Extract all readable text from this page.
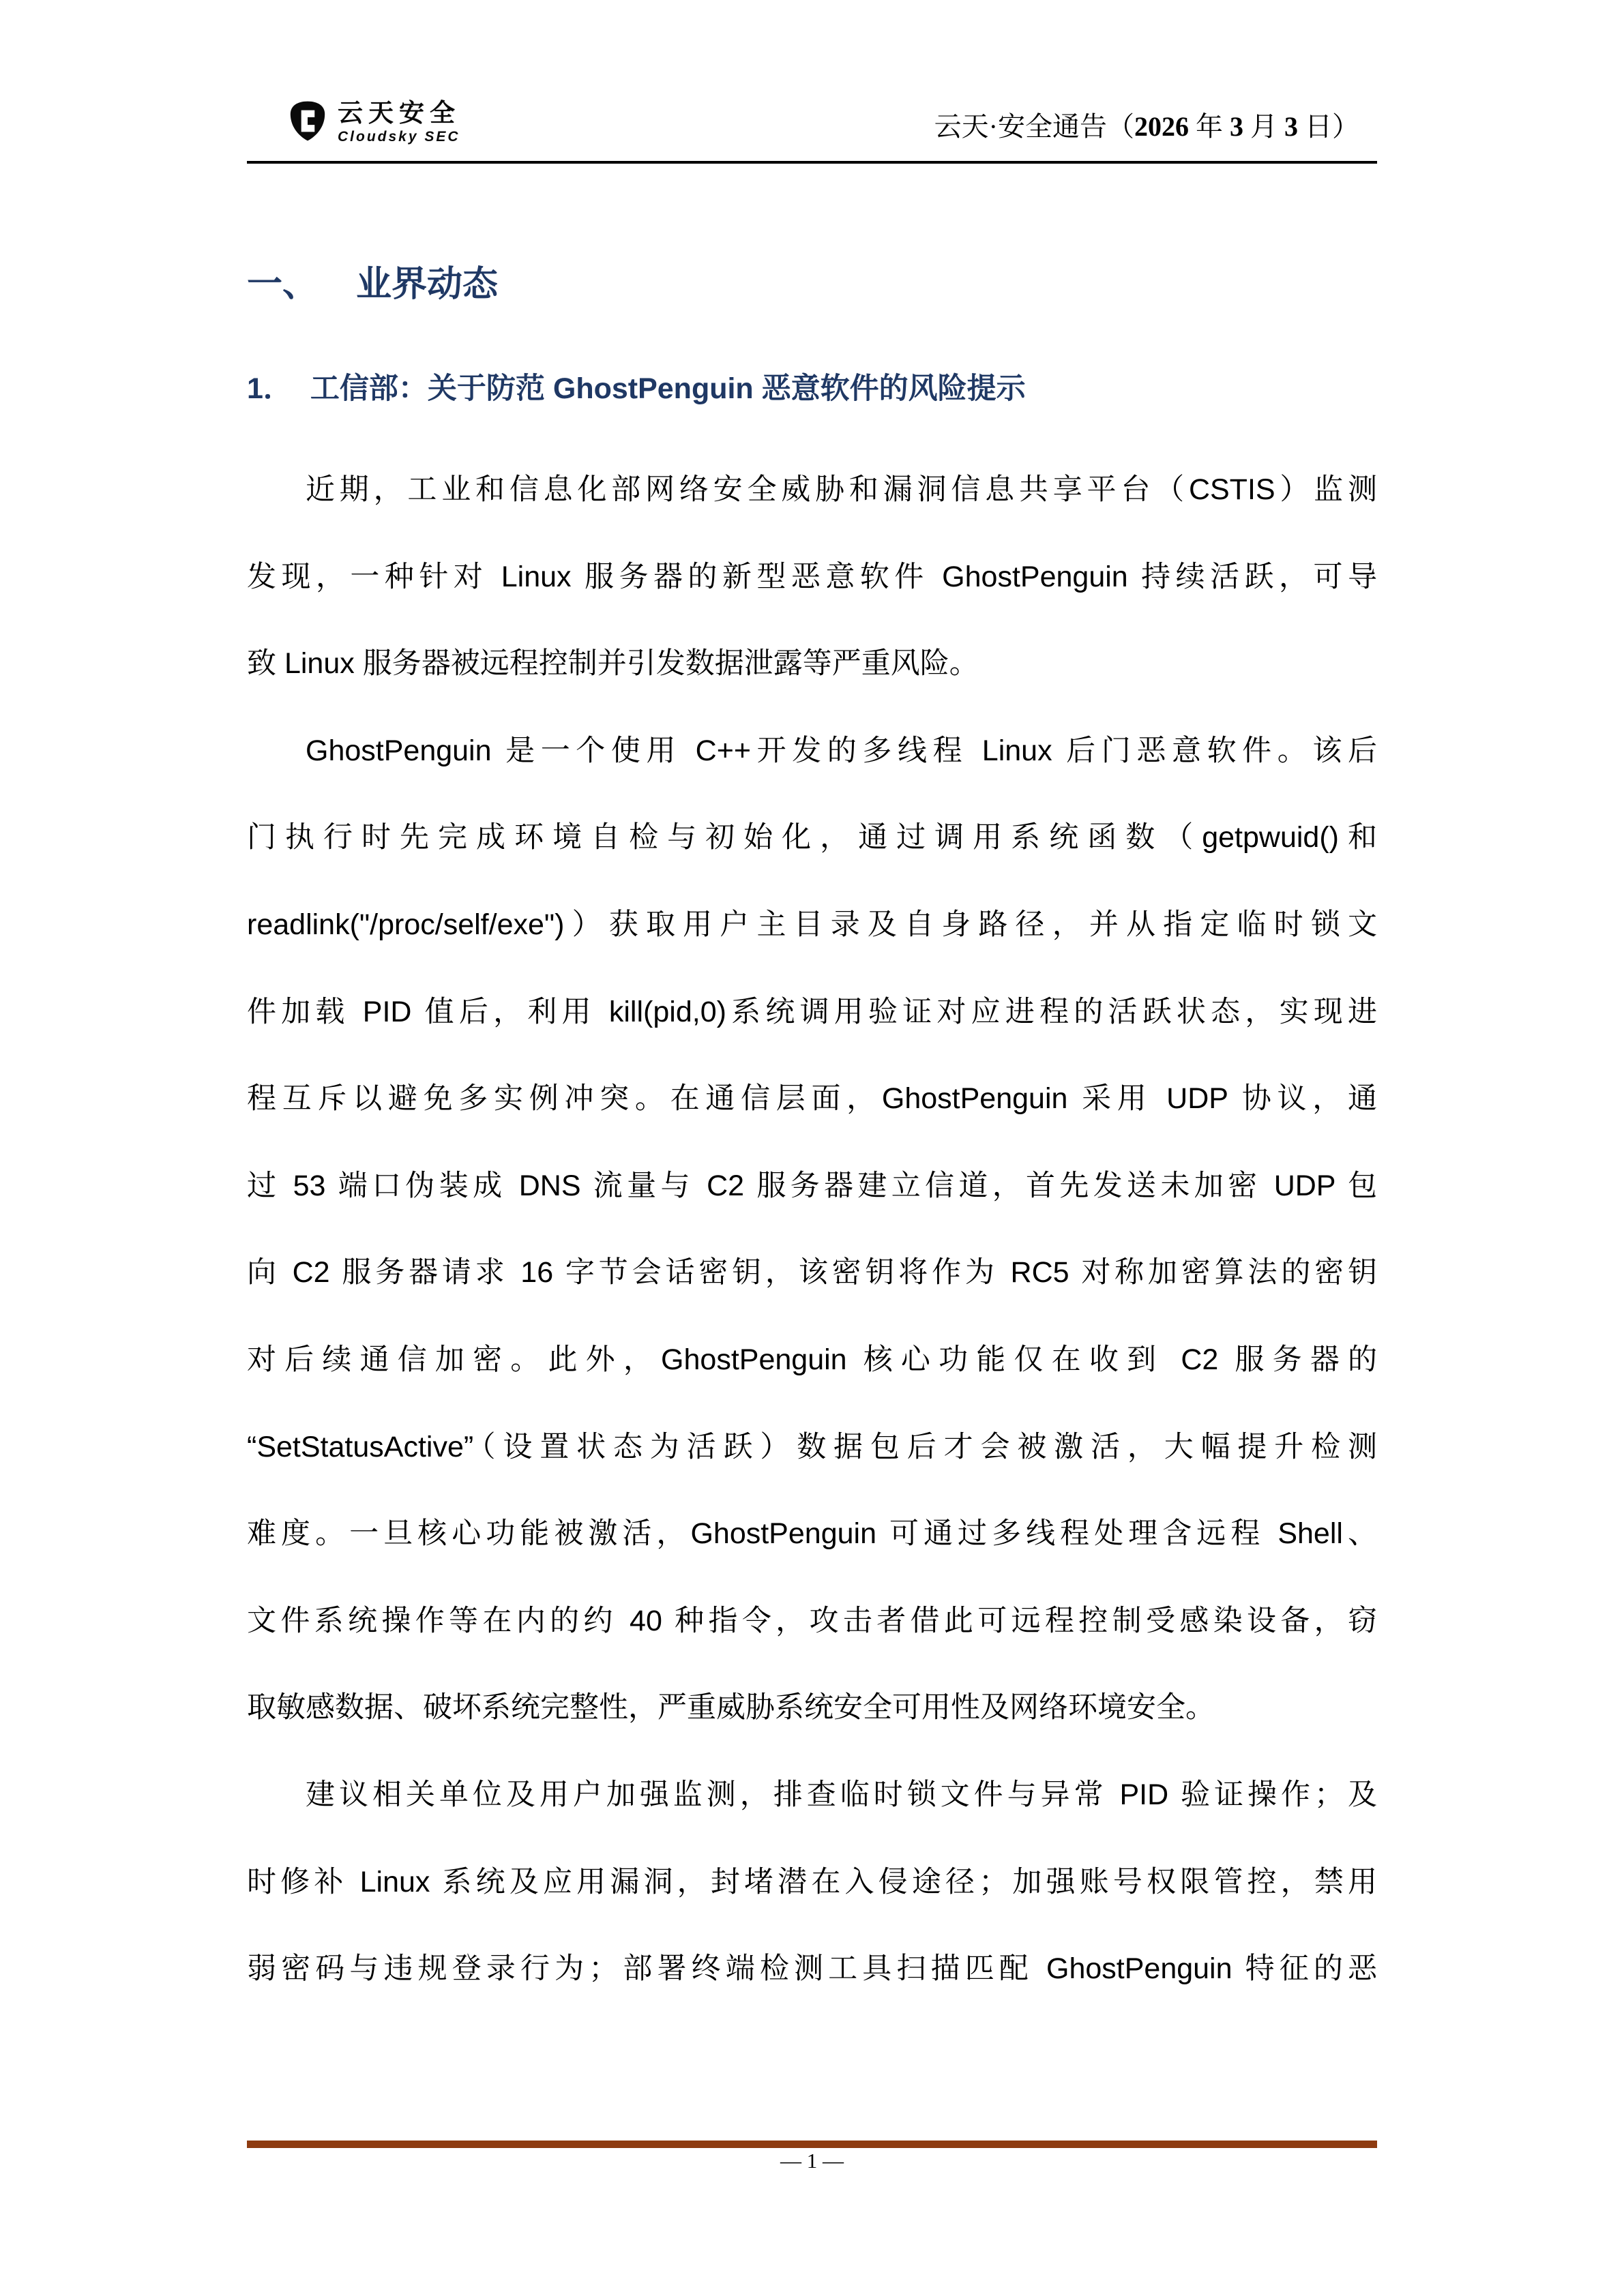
云天安全
Cloudsky SEC	云天·安全通告（2026 年 3 月 3 日）
一、 业界动态
1． 工信部：关于防范 GhostPenguin 恶意软件的风险提示
近期，工业和信息化部网络安全威胁和漏洞信息共享平台（CSTIS）监测
发现，一种针对 Linux 服务器的新型恶意软件 GhostPenguin 持续活跃，可导
致 Linux 服务器被远程控制并引发数据泄露等严重风险。
GhostPenguin 是一个使用 C++开发的多线程 Linux 后门恶意软件。该后
门执行时先完成环境自检与初始化，通过调用系统函数（getpwuid()和
readlink("/proc/self/exe")）获取用户主目录及自身路径，并从指定临时锁文
件加载 PID 值后，利用 kill(pid,0)系统调用验证对应进程的活跃状态，实现进
程互斥以避免多实例冲突。在通信层面，GhostPenguin 采用 UDP 协议，通
过 53 端口伪装成 DNS 流量与 C2 服务器建立信道，首先发送未加密 UDP 包
向 C2 服务器请求 16 字节会话密钥，该密钥将作为 RC5 对称加密算法的密钥
对后续通信加密。此外，GhostPenguin 核心功能仅在收到 C2 服务器的
“SetStatusActive”（设置状态为活跃）数据包后才会被激活，大幅提升检测
难度。一旦核心功能被激活，GhostPenguin 可通过多线程处理含远程 Shell、
文件系统操作等在内的约 40 种指令，攻击者借此可远程控制受感染设备，窃
取敏感数据、破坏系统完整性，严重威胁系统安全可用性及网络环境安全。
建议相关单位及用户加强监测，排查临时锁文件与异常 PID 验证操作；及
时修补 Linux 系统及应用漏洞，封堵潜在入侵途径；加强账号权限管控，禁用
弱密码与违规登录行为；部署终端检测工具扫描匹配 GhostPenguin 特征的恶
— 1 —
